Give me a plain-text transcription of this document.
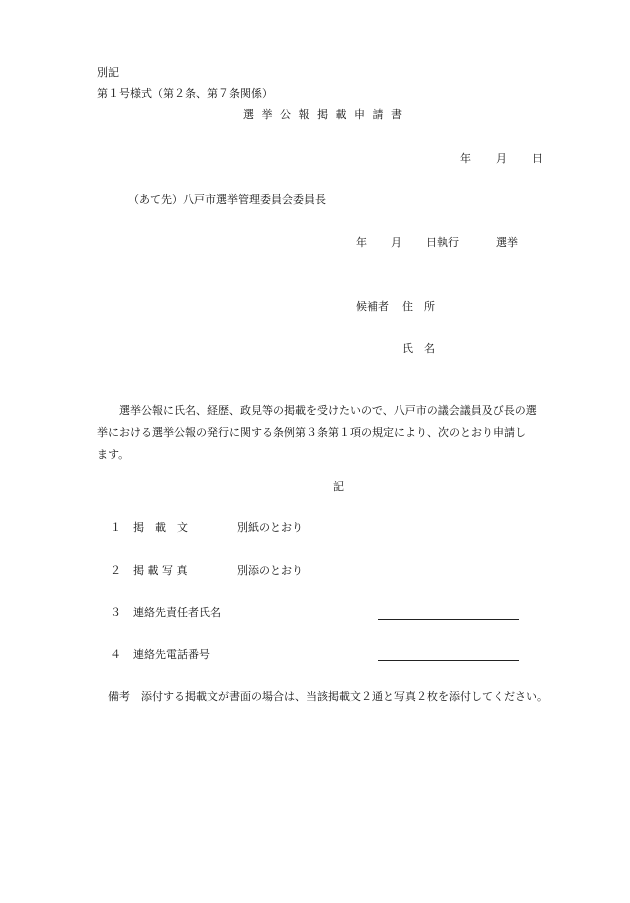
別記
第１号様式（第２条、第７条関係）
選 挙 公 報 掲 載 申 請 書
年 月 日
（あて先）八戸市選挙管理委員会委員長
年 月 日執行	選挙
候補者 住　所
氏　名
選挙公報に氏名、経歴、政見等の掲載を受けたいので、八戸市の議会議員及び長の選
挙における選挙公報の発行に関する条例第３条第１項の規定により、次のとおり申請し
ます。
記
１ 掲　載　文	別紙のとおり
２ 掲 載 写 真	別添のとおり
３ 連絡先責任者氏名
４ 連絡先電話番号
備考　添付する掲載文が書面の場合は、当該掲載文２通と写真２枚を添付してください。
